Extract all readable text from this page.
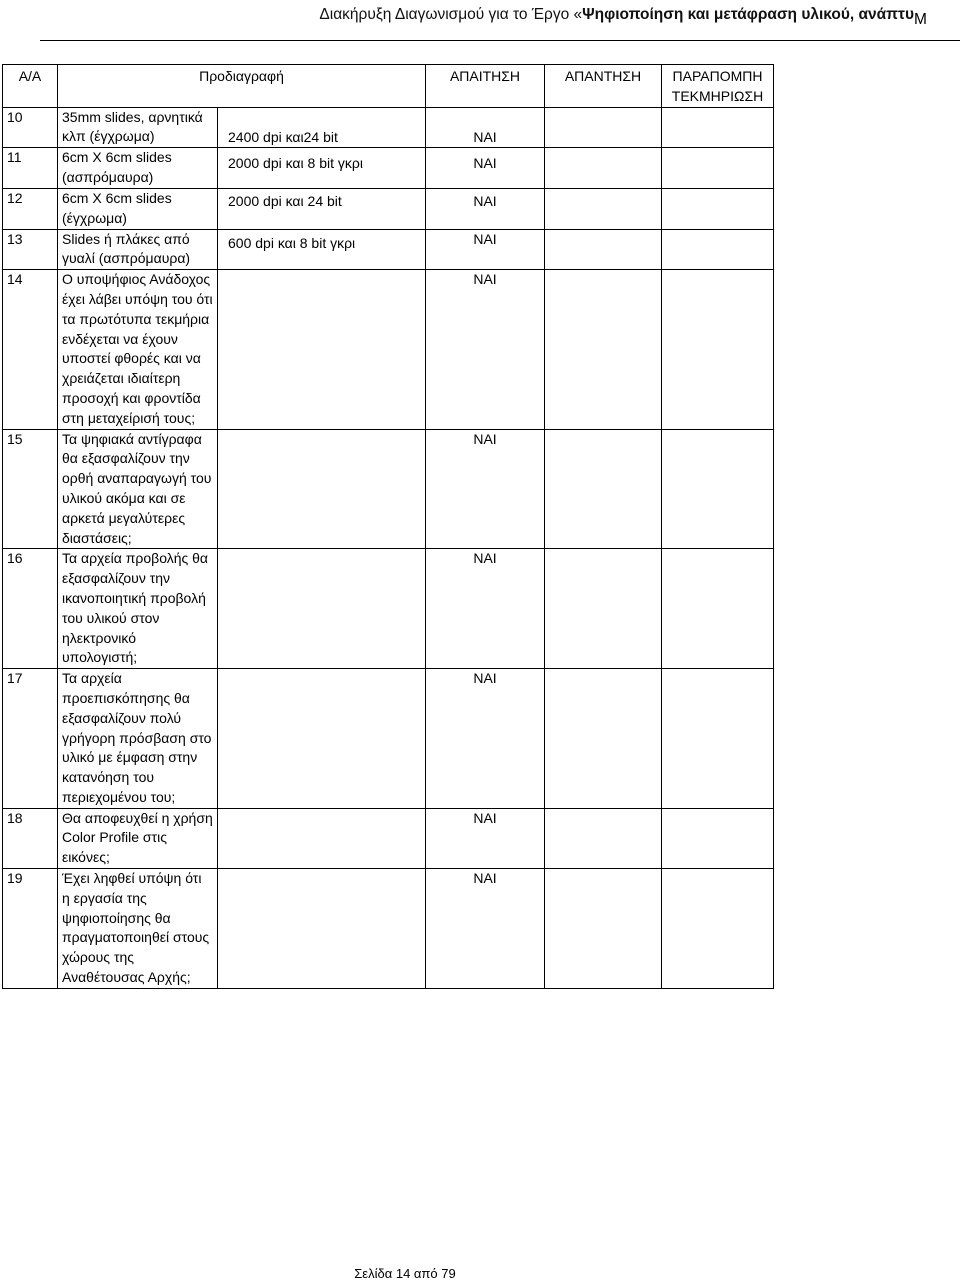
Διακήρυξη Διαγωνισμού για το Έργο «Ψηφιοποίηση και μετάφραση υλικού, ανάπτυ Μ
Α/Α	Προδιαγραφή		ΑΠΑΙΤΗΣΗ	ΑΠΑΝΤΗΣΗ	ΠΑΡΑΠΟΜΠΗ ΤΕΚΜΗΡΙΩΣΗ
10	35mm slides, αρνητικά κλπ (έγχρωμα)	2400 dpi και24 bit	ΝΑΙ		
11	6cm X 6cm slides (ασπρόμαυρα)	2000 dpi και 8 bit γκρι	ΝΑΙ		
12	6cm X 6cm slides (έγχρωμα)	2000 dpi και 24 bit	ΝΑΙ		
13	Slides ή πλάκες από γυαλί (ασπρόμαυρα)	600 dpi και 8 bit γκρι	ΝΑΙ		
14	Ο υποψήφιος Ανάδοχος έχει λάβει υπόψη του ότι τα πρωτότυπα τεκμήρια ενδέχεται να έχουν υποστεί φθορές και να χρειάζεται ιδιαίτερη προσοχή και φροντίδα στη μεταχείρισή τους;		ΝΑΙ		
15	Τα ψηφιακά αντίγραφα θα εξασφαλίζουν την ορθή αναπαραγωγή του υλικού ακόμα και σε αρκετά μεγαλύτερες διαστάσεις;		ΝΑΙ		
16	Τα αρχεία προβολής θα εξασφαλίζουν την ικανοποιητική προβολή του υλικού στον ηλεκτρονικό υπολογιστή;		ΝΑΙ		
17	Τα αρχεία προεπισκόπησης θα εξασφαλίζουν πολύ γρήγορη πρόσβαση στο υλικό με έμφαση στην κατανόηση του περιεχομένου του;		ΝΑΙ		
18	Θα αποφευχθεί η χρήση Color Profile στις εικόνες;		ΝΑΙ		
19	Έχει ληφθεί υπόψη ότι η εργασία της ψηφιοποίησης θα πραγματοποιηθεί στους χώρους της Αναθέτουσας Αρχής;		ΝΑΙ		
Σελίδα 14 από 79
